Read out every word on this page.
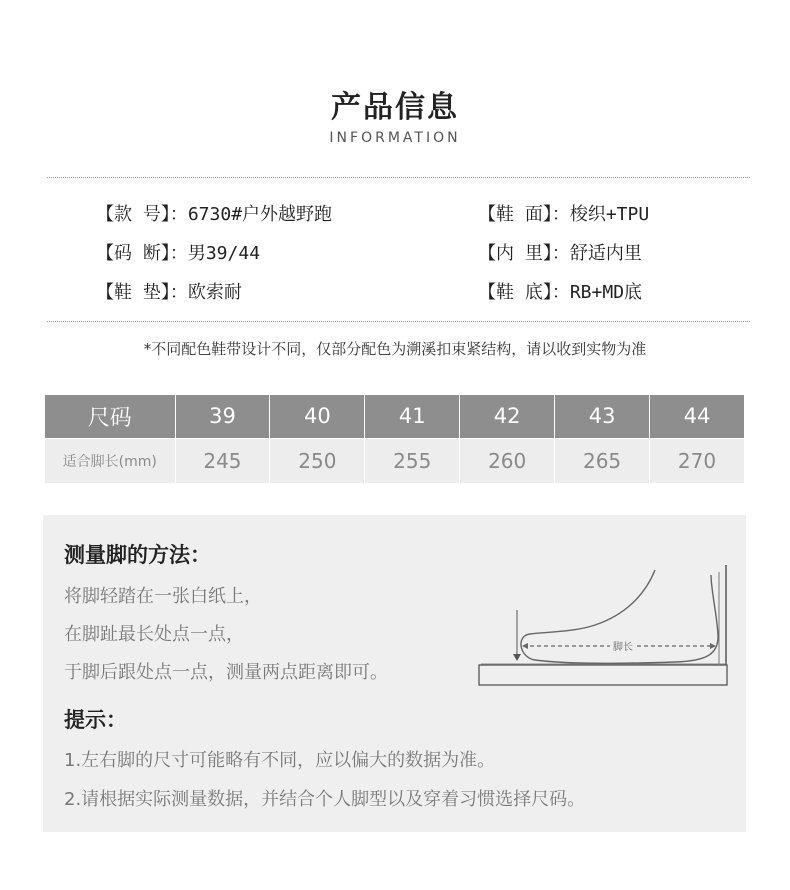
产品信息
INFORMATION
【款 号】：6730#户外越野跑	【鞋 面】：梭织+TPU
【码 断】：男39/44	【内 里】：舒适内里
【鞋 垫】：欧索耐	【鞋 底】：RB+MD底
*不同配色鞋带设计不同，仅部分配色为溯溪扣束紧结构，请以收到实物为准
尺码	39	40	41	42	43	44
适合脚长(mm)	245	250	255	260	265	270
测量脚的方法：
将脚轻踏在一张白纸上，
在脚趾最长处点一点，
于脚后跟处点一点，测量两点距离即可。
脚长
提示：
1.左右脚的尺寸可能略有不同，应以偏大的数据为准。
2.请根据实际测量数据，并结合个人脚型以及穿着习惯选择尺码。
